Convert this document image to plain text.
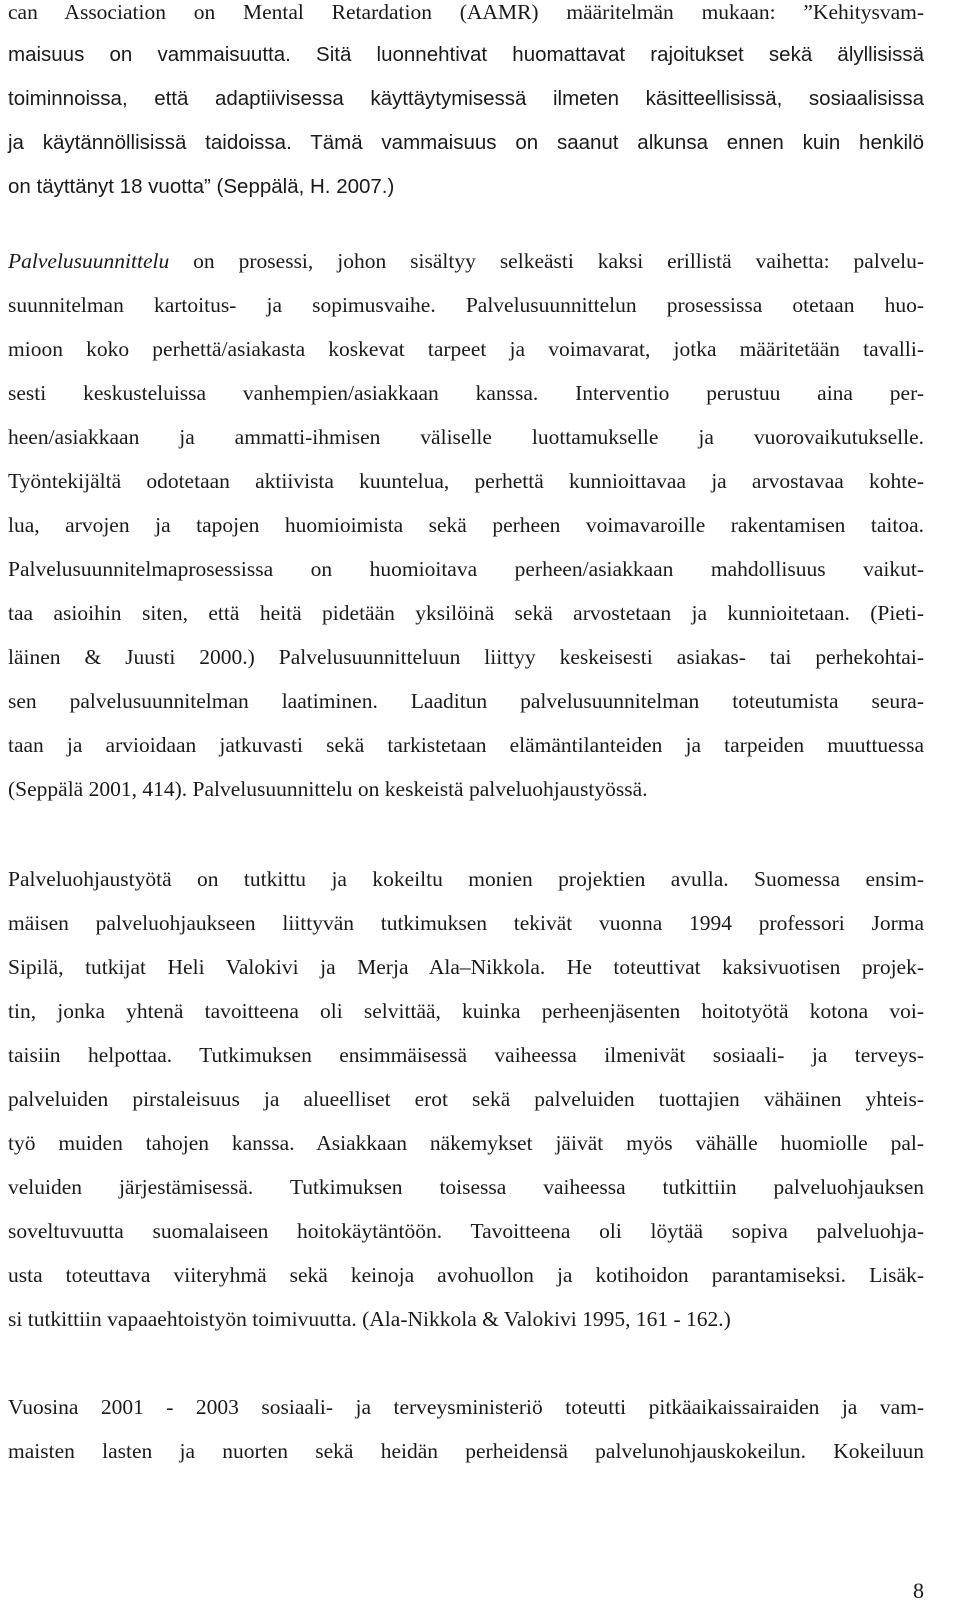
can Association on Mental Retardation (AAMR) määritelmän mukaan: ”Kehitysvam-
maisuus on vammaisuutta. Sitä luonnehtivat huomattavat rajoitukset sekä älyllisissä
toiminnoissa, että adaptiivisessa käyttäytymisessä ilmeten käsitteellisissä, sosiaalisissa
ja käytännöllisissä taidoissa. Tämä vammaisuus on saanut alkunsa ennen kuin henkilö
on täyttänyt 18 vuotta” (Seppälä, H. 2007.)
Palvelusuunnittelu on prosessi, johon sisältyy selkeästi kaksi erillistä vaihetta: palvelu-
suunnitelman kartoitus- ja sopimusvaihe. Palvelusuunnittelun prosessissa otetaan huo-
mioon koko perhettä/asiakasta koskevat tarpeet ja voimavarat, jotka määritetään tavalli-
sesti keskusteluissa vanhempien/asiakkaan kanssa. Interventio perustuu aina per-
heen/asiakkaan ja ammatti-ihmisen väliselle luottamukselle ja vuorovaikutukselle.
Työntekijältä odotetaan aktiivista kuuntelua, perhettä kunnioittavaa ja arvostavaa kohte-
lua, arvojen ja tapojen huomioimista sekä perheen voimavaroille rakentamisen taitoa.
Palvelusuunnitelmaprosessissa on huomioitava perheen/asiakkaan mahdollisuus vaikut-
taa asioihin siten, että heitä pidetään yksilöinä sekä arvostetaan ja kunnioitetaan. (Pieti-
läinen & Juusti 2000.) Palvelusuunnitteluun liittyy keskeisesti asiakas- tai perhekohtai-
sen palvelusuunnitelman laatiminen. Laaditun palvelusuunnitelman toteutumista seura-
taan ja arvioidaan jatkuvasti sekä tarkistetaan elämäntilanteiden ja tarpeiden muuttuessa
(Seppälä 2001, 414). Palvelusuunnittelu on keskeistä palveluohjaustyössä.
Palveluohjaustyötä on tutkittu ja kokeiltu monien projektien avulla. Suomessa ensim-
mäisen palveluohjaukseen liittyvän tutkimuksen tekivät vuonna 1994 professori Jorma
Sipilä, tutkijat Heli Valokivi ja Merja Ala–Nikkola. He toteuttivat kaksivuotisen projek-
tin, jonka yhtenä tavoitteena oli selvittää, kuinka perheenjäsenten hoitotyötä kotona voi-
taisiin helpottaa. Tutkimuksen ensimmäisessä vaiheessa ilmenivät sosiaali- ja terveys-
palveluiden pirstaleisuus ja alueelliset erot sekä palveluiden tuottajien vähäinen yhteis-
työ muiden tahojen kanssa. Asiakkaan näkemykset jäivät myös vähälle huomiolle pal-
veluiden järjestämisessä. Tutkimuksen toisessa vaiheessa tutkittiin palveluohjauksen
soveltuvuutta suomalaiseen hoitokäytäntöön. Tavoitteena oli löytää sopiva palveluohja-
usta toteuttava viiteryhmä sekä keinoja avohuollon ja kotihoidon parantamiseksi. Lisäk-
si tutkittiin vapaaehtoistyön toimivuutta. (Ala-Nikkola & Valokivi 1995, 161 - 162.)
Vuosina 2001 - 2003 sosiaali- ja terveysministeriö toteutti pitkäaikaissairaiden ja vam-
maisten lasten ja nuorten sekä heidän perheidensä palvelunohjauskokeilun. Kokeiluun
8
